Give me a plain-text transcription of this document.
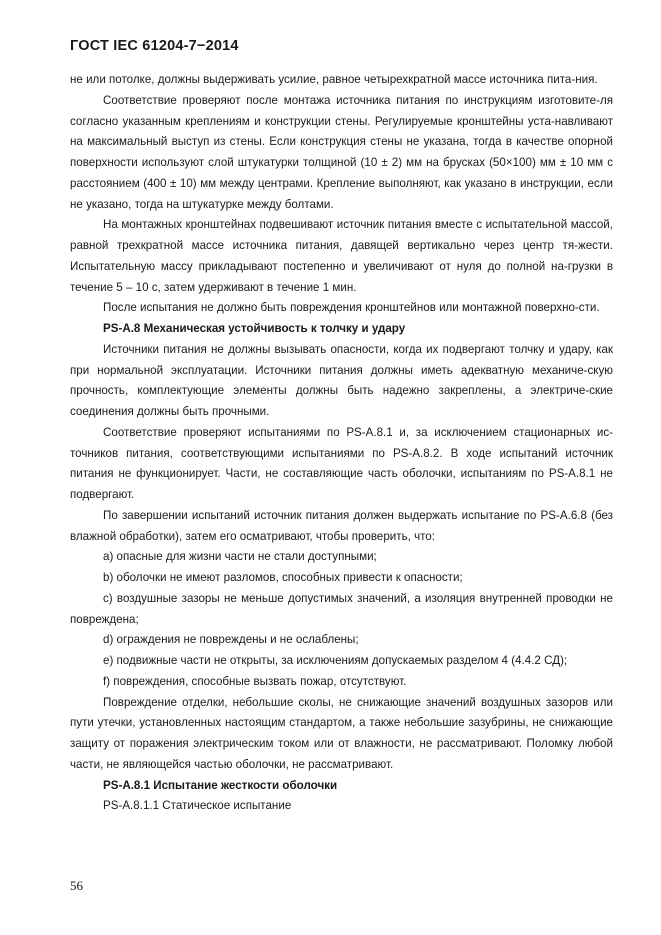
ГОСТ IEC 61204-7−2014

не или потолке, должны выдерживать усилие, равное четырехкратной массе источника пита-ния.

Соответствие проверяют после монтажа источника питания по инструкциям изготовите-ля согласно указанным креплениям и конструкции стены. Регулируемые кронштейны уста-навливают на максимальный выступ из стены. Если конструкция стены не указана, тогда в качестве опорной поверхности используют слой штукатурки толщиной (10 ± 2) мм на брусках (50×100) мм ± 10 мм с расстоянием (400 ± 10) мм между центрами. Крепление выполняют, как указано в инструкции, если не указано, тогда на штукатурке между болтами.

На монтажных кронштейнах подвешивают источник питания вместе с испытательной массой, равной трехкратной массе источника питания, давящей вертикально через центр тя-жести. Испытательную массу прикладывают постепенно и увеличивают от нуля до полной на-грузки в течение 5 – 10 с, затем удерживают в течение 1 мин.

После испытания не должно быть повреждения кронштейнов или монтажной поверхно-сти.

PS-A.8 Механическая устойчивость к толчку и удару

Источники питания не должны вызывать опасности, когда их подвергают толчку и удару, как при нормальной эксплуатации. Источники питания должны иметь адекватную механиче-скую прочность, комплектующие элементы должны быть надежно закреплены, а электриче-ские соединения должны быть прочными.

Соответствие проверяют испытаниями по PS-A.8.1 и, за исключением стационарных ис-точников питания, соответствующими испытаниями по PS-A.8.2. В ходе испытаний источник питания не функционирует. Части, не составляющие часть оболочки, испытаниям по PS-A.8.1 не подвергают.

По завершении испытаний источник питания должен выдержать испытание по PS-A.6.8 (без влажной обработки), затем его осматривают, чтобы проверить, что:

a) опасные для жизни части не стали доступными;

b) оболочки не имеют разломов, способных привести к опасности;

c) воздушные зазоры не меньше допустимых значений, а изоляция внутренней проводки не повреждена;

d) ограждения не повреждены и не ослаблены;

e) подвижные части не открыты, за исключениям допускаемых разделом 4 (4.4.2 СД);

f) повреждения, способные вызвать пожар, отсутствуют.

Повреждение отделки, небольшие сколы, не снижающие значений воздушных зазоров или пути утечки, установленных настоящим стандартом, а также небольшие зазубрины, не снижающие защиту от поражения электрическим током или от влажности, не рассматривают. Поломку любой части, не являющейся частью оболочки, не рассматривают.

PS-A.8.1 Испытание жесткости оболочки

PS-A.8.1.1 Статическое испытание

56
